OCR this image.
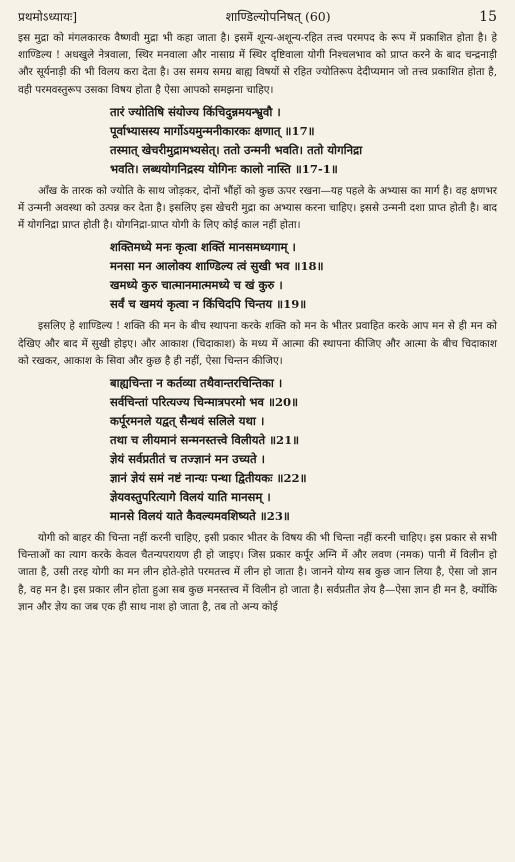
प्रथमोऽध्यायः]	शाण्डिल्योपनिषत् (60)	15

इस मुद्रा को मंगलकारक वैष्णवी मुद्रा भी कहा जाता है। इसमें शून्य-अशून्य-रहित तत्त्व परमपद के रूप में प्रकाशित होता है। हे शाण्डिल्य ! अधखुले नेत्रवाला, स्थिर मनवाला और नासाग्र में स्थिर दृष्टिवाला योगी निश्चलभाव को प्राप्त करने के बाद चन्द्रनाड़ी और सूर्यनाड़ी की भी विलय करा देता है। उस समय समग्र बाह्य विषयों से रहित ज्योतिरूप देदीप्यमान जो तत्त्व प्रकाशित होता है, वही परमवस्तुरूप उसका विषय होता है ऐसा आपको समझना चाहिए।

तारं ज्योतिषि संयोज्य किंचिदुन्नमयन्भ्रुवौ ।
पूर्वाभ्यासस्य मार्गोऽयमुन्मनीकारकः क्षणात् ॥17॥
तस्मात् खेचरीमुद्रामभ्यसेत्। ततो उन्मनी भवति। ततो योगनिद्रा
भवति। लब्धयोगनिद्रस्य योगिनः कालो नास्ति ॥17-1॥

आँख के तारक को ज्योति के साथ जोड़कर, दोनों भौंहों को कुछ ऊपर रखना—यह पहले के अभ्यास का मार्ग है। वह क्षणभर में उन्मनी अवस्था को उत्पन्न कर देता है। इसलिए इस खेचरी मुद्रा का अभ्यास करना चाहिए। इससे उन्मनी दशा प्राप्त होती है। बाद में योगनिद्रा प्राप्त होती है। योगनिद्रा-प्राप्त योगी के लिए कोई काल नहीं होता।

शक्तिमध्ये मनः कृत्वा शक्तिं मानसमध्यगाम् ।
मनसा मन आलोक्य शाण्डिल्य त्वं सुखी भव ॥18॥
खमध्ये कुरु चात्मानमात्ममध्ये च खं कुरु ।
सर्वं च खमयं कृत्वा न किंचिदपि चिन्तय ॥19॥

इसलिए हे शाण्डिल्य ! शक्ति की मन के बीच स्थापना करके शक्ति को मन के भीतर प्रवाहित करके आप मन से ही मन को देखिए और बाद में सुखी होइए। और आकाश (चिदाकाश) के मध्य में आत्मा की स्थापना कीजिए और आत्मा के बीच चिदाकाश को रखकर, आकाश के सिवा और कुछ है ही नहीं, ऐसा चिन्तन कीजिए।

बाह्यचिन्ता न कर्तव्या तथैवान्तरचिन्तिका ।
सर्वचिन्तां परित्यज्य चिन्मात्रपरमो भव ॥20॥
कर्पूरमनले यद्वत् सैन्धवं सलिले यथा ।
तथा च लीयमानं सन्मनस्तत्त्वे विलीयते ॥21॥
ज्ञेयं सर्वप्रतीतं च तज्ज्ञानं मन उच्यते ।
ज्ञानं ज्ञेयं समं नष्टं नान्यः पन्था द्वितीयकः ॥22॥
ज्ञेयवस्तुपरित्यागे विलयं याति मानसम् ।
मानसे विलयं याते कैवल्यमवशिष्यते ॥23॥

योगी को बाहर की चिन्ता नहीं करनी चाहिए, इसी प्रकार भीतर के विषय की भी चिन्ता नहीं करनी चाहिए। इस प्रकार से सभी चिन्ताओं का त्याग करके केवल चैतन्यपरायण ही हो जाइए। जिस प्रकार कर्पूर अग्नि में और लवण (नमक) पानी में विलीन हो जाता है, उसी तरह योगी का मन लीन होते-होते परमतत्त्व में लीन हो जाता है। जानने योग्य सब कुछ जान लिया है, ऐसा जो ज्ञान है, वह मन है। इस प्रकार लीन होता हुआ सब कुछ मनस्तत्त्व में विलीन हो जाता है। सर्वप्रतीत ज्ञेय है—ऐसा ज्ञान ही मन है, क्योंकि ज्ञान और ज्ञेय का जब एक ही साथ नाश हो जाता है, तब तो अन्य कोई
